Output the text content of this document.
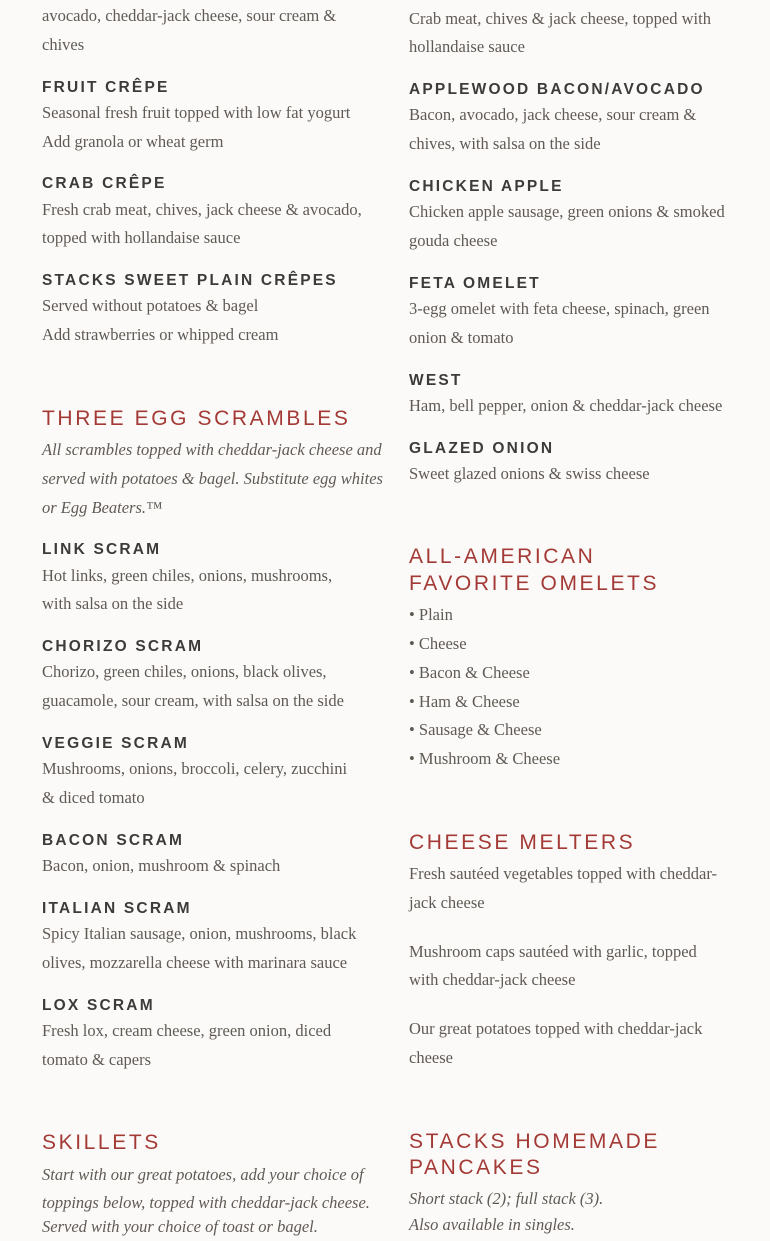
avocado, cheddar-jack cheese, sour cream &

chives

FRUIT CRÊPE

Seasonal fresh fruit topped with low fat yogurt

Add granola or wheat germ

CRAB CRÊPE

Fresh crab meat, chives, jack cheese & avocado,

topped with hollandaise sauce

STACKS SWEET PLAIN CRÊPES

Served without potatoes & bagel

Add strawberries or whipped cream

THREE EGG SCRAMBLES

All scrambles topped with cheddar-jack cheese and

served with potatoes & bagel. Substitute egg whites

or Egg Beaters.™

LINK SCRAM

Hot links, green chiles, onions, mushrooms,

with salsa on the side

CHORIZO SCRAM

Chorizo, green chiles, onions, black olives,

guacamole, sour cream, with salsa on the side

VEGGIE SCRAM

Mushrooms, onions, broccoli, celery, zucchini

& diced tomato

BACON SCRAM

Bacon, onion, mushroom & spinach

ITALIAN SCRAM

Spicy Italian sausage, onion, mushrooms, black

olives, mozzarella cheese with marinara sauce

LOX SCRAM

Fresh lox, cream cheese, green onion, diced

tomato & capers

SKILLETS

Start with our great potatoes, add your choice of

toppings below, topped with cheddar-jack cheese.

Served with your choice of toast or bagel.

Crab meat, chives & jack cheese, topped with

hollandaise sauce

APPLEWOOD BACON/AVOCADO

Bacon, avocado, jack cheese, sour cream &

chives, with salsa on the side

CHICKEN APPLE

Chicken apple sausage, green onions & smoked

gouda cheese

FETA OMELET

3-egg omelet with feta cheese, spinach, green

onion & tomato

WEST

Ham, bell pepper, onion & cheddar-jack cheese

GLAZED ONION

Sweet glazed onions & swiss cheese

ALL-AMERICAN
FAVORITE OMELETS

• Plain

• Cheese

• Bacon & Cheese

• Ham & Cheese

• Sausage & Cheese

• Mushroom & Cheese

CHEESE MELTERS

Fresh sautéed vegetables topped with cheddar-

jack cheese

Mushroom caps sautéed with garlic, topped

with cheddar-jack cheese

Our great potatoes topped with cheddar-jack

cheese

STACKS HOMEMADE
PANCAKES

Short stack (2); full stack (3).

Also available in singles.
